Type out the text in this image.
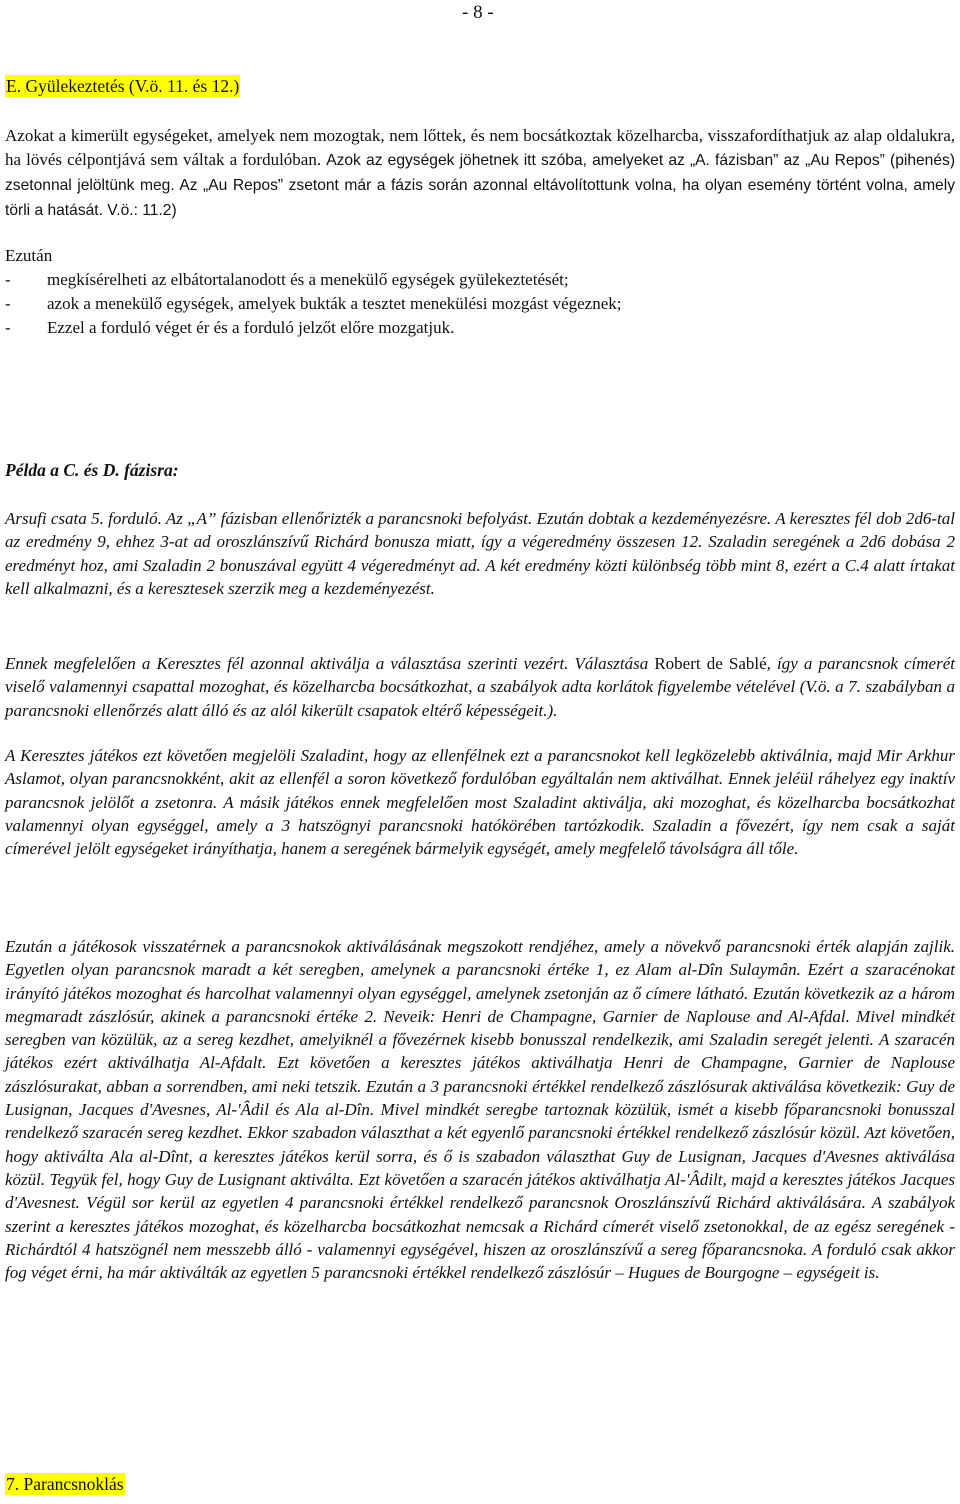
- 8 -
E. Gyülekeztetés (V.ö. 11. és 12.)
Azokat a kimerült egységeket, amelyek nem mozogtak, nem lőttek, és nem bocsátkoztak közelharcba, visszafordíthatjuk az alap oldalukra, ha lövés célpontjává sem váltak a fordulóban. Azok az egységek jöhetnek itt szóba, amelyeket az „A. fázisban” az „Au Repos” (pihenés) zsetonnal jelöltünk meg. Az „Au Repos” zsetont már a fázis során azonnal eltávolítottunk volna, ha olyan esemény történt volna, amely törli a hatását. V.ö.: 11.2)
Ezután
-	megkísérelheti az elbátortalanodott és a menekülő egységek gyülekeztetését;
-	azok a menekülő egységek, amelyek bukták a tesztet menekülési mozgást végeznek;
-	Ezzel a forduló véget ér és a forduló jelzőt előre mozgatjuk.
Példa a C. és D. fázisra:
Arsufi csata 5. forduló. Az „A” fázisban ellenőrizték a parancsnoki befolyást. Ezután dobtak a kezdeményezésre. A keresztes fél dob 2d6-tal az eredmény 9, ehhez 3-at ad oroszlánszívű Richárd bonusza miatt, így a végeredmény összesen 12. Szaladin seregének a 2d6 dobása 2 eredményt hoz, ami Szaladin 2 bonuszával együtt 4 végeredményt ad. A két eredmény közti különbség több mint 8, ezért a C.4 alatt írtakat kell alkalmazni, és a keresztesek szerzik meg a kezdeményezést.
Ennek megfelelően a Keresztes fél azonnal aktiválja a választása szerinti vezért. Választása Robert de Sablé, így a parancsnok címerét viselő valamennyi csapattal mozoghat, és közelharcba bocsátkozhat, a szabályok adta korlátok figyelembe vételével (V.ö. a 7. szabályban a parancsnoki ellenőrzés alatt álló és az alól kikerült csapatok eltérő képességeit.).
A Keresztes játékos ezt követően megjelöli Szaladint, hogy az ellenfélnek ezt a parancsnokot kell legközelebb aktiválnia, majd Mir Arkhur Aslamot, olyan parancsnokként, akit az ellenfél a soron következő fordulóban egyáltalán nem aktiválhat. Ennek jeléül ráhelyez egy inaktív parancsnok jelölőt a zsetonra. A másik játékos ennek megfelelően most Szaladint aktiválja, aki mozoghat, és közelharcba bocsátkozhat valamennyi olyan egységgel, amely a 3 hatszögnyi parancsnoki hatókörében tartózkodik. Szaladin a fővezért, így nem csak a saját címerével jelölt egységeket irányíthatja, hanem a seregének bármelyik egységét, amely megfelelő távolságra áll tőle.
Ezután a játékosok visszatérnek a parancsnokok aktiválásának megszokott rendjéhez, amely a növekvő parancsnoki érték alapján zajlik. Egyetlen olyan parancsnok maradt a két seregben, amelynek a parancsnoki értéke 1, ez Alam al-Dîn Sulaymân. Ezért a szaracénokat irányító játékos mozoghat és harcolhat valamennyi olyan egységgel, amelynek zsetonján az ő címere látható. Ezután következik az a három megmaradt zászlósúr, akinek a parancsnoki értéke 2. Neveik: Henri de Champagne, Garnier de Naplouse and Al-Afdal. Mivel mindkét seregben van közülük, az a sereg kezdhet, amelyiknél a fővezérnek kisebb bonusszal rendelkezik, ami Szaladin seregét jelenti. A szaracén játékos ezért aktiválhatja Al-Afdalt. Ezt követően a keresztes játékos aktiválhatja Henri de Champagne, Garnier de Naplouse zászlósurakat, abban a sorrendben, ami neki tetszik. Ezután a 3 parancsnoki értékkel rendelkező zászlósurak aktiválása következik: Guy de Lusignan, Jacques d'Avesnes, Al-'Âdil és Ala al-Dîn. Mivel mindkét seregbe tartoznak közülük, ismét a kisebb főparancsnoki bonusszal rendelkező szaracén sereg kezdhet. Ekkor szabadon választhat a két egyenlő parancsnoki értékkel rendelkező zászlósúr közül. Azt követően, hogy aktiválta Ala al-Dînt, a keresztes játékos kerül sorra, és ő is szabadon választhat Guy de Lusignan, Jacques d'Avesnes aktiválása közül. Tegyük fel, hogy Guy de Lusignant aktiválta. Ezt követően a szaracén játékos aktiválhatja Al-'Âdilt, majd a keresztes játékos Jacques d'Avesnest. Végül sor kerül az egyetlen 4 parancsnoki értékkel rendelkező parancsnok Oroszlánszívű Richárd aktiválására. A szabályok szerint a keresztes játékos mozoghat, és közelharcba bocsátkozhat nemcsak a Richárd címerét viselő zsetonokkal, de az egész seregének - Richárdtól 4 hatszögnél nem messzebb álló - valamennyi egységével, hiszen az oroszlánszívű a sereg főparancsnoka. A forduló csak akkor fog véget érni, ha már aktiválták az egyetlen 5 parancsnoki értékkel rendelkező zászlósúr – Hugues de Bourgogne – egységeit is.
7. Parancsnoklás
